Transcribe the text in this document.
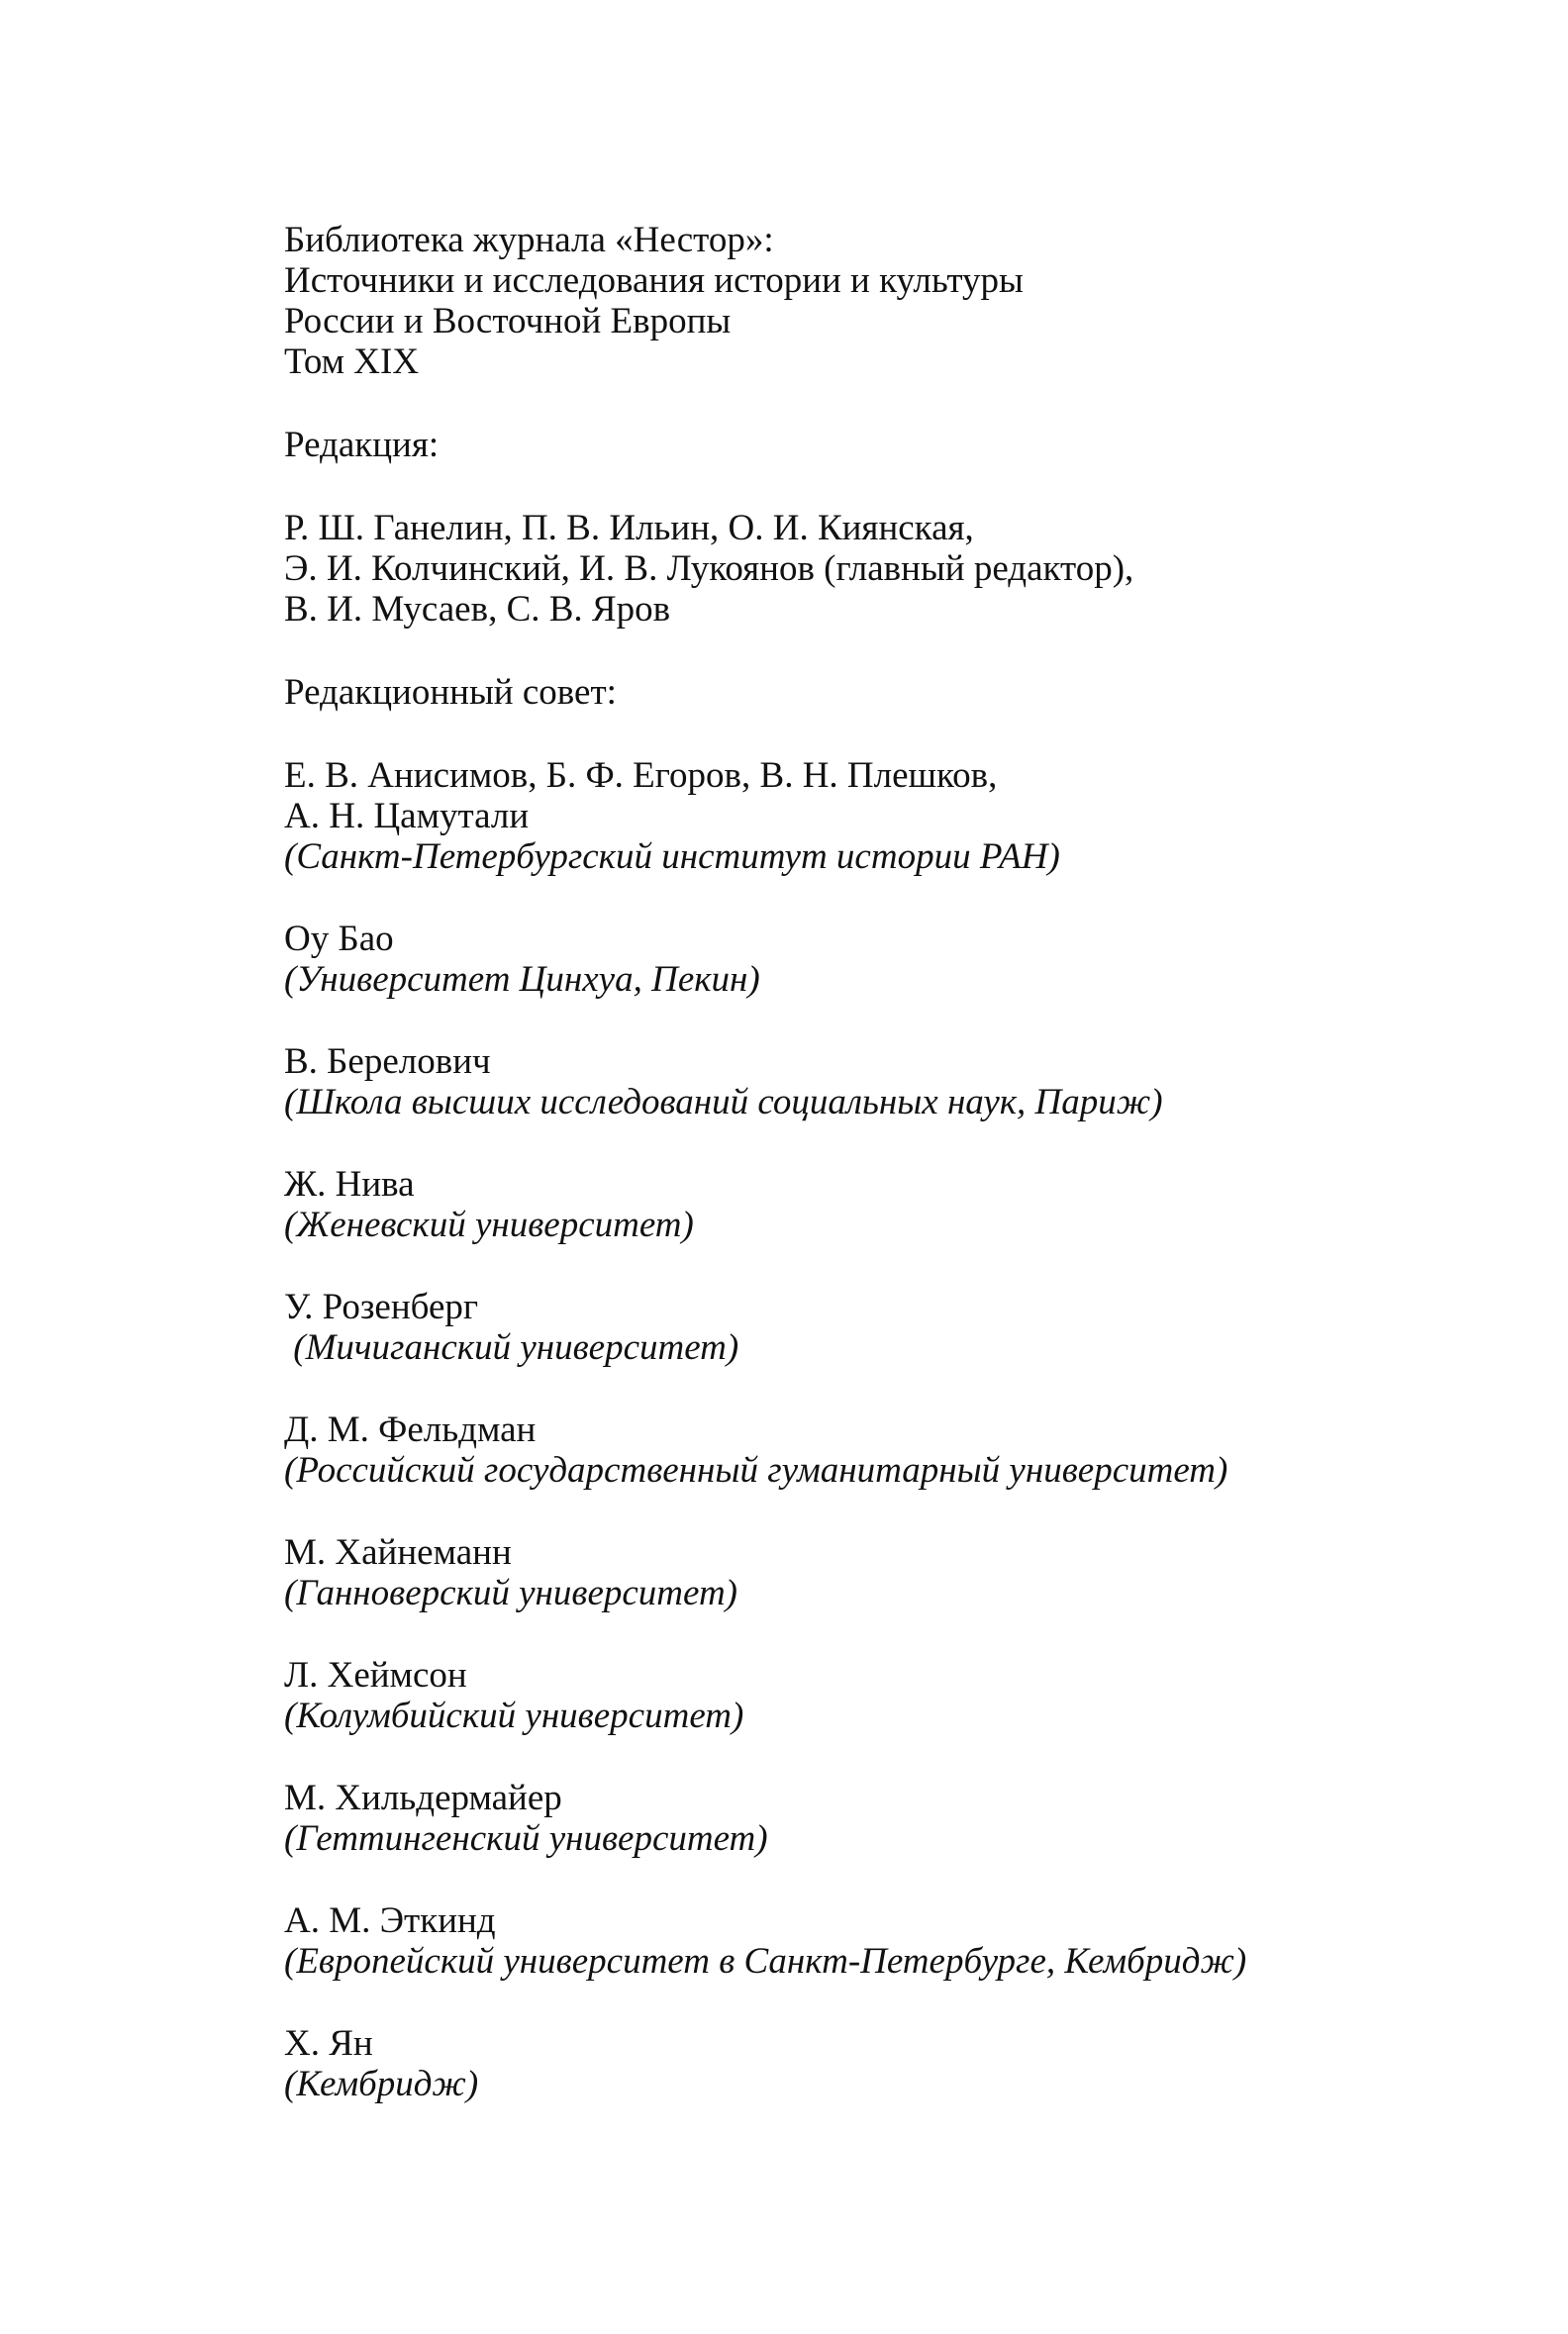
Библиотека журнала «Нестор»:
Источники и исследования истории и культуры
России и Восточной Европы
Том XIX
Редакция:
Р. Ш. Ганелин, П. В. Ильин, О. И. Киянская,
Э. И. Колчинский, И. В. Лукоянов (главный редактор),
В. И. Мусаев, С. В. Яров
Редакционный совет:
Е. В. Анисимов, Б. Ф. Егоров, В. Н. Плешков,
А. Н. Цамутали
(Санкт-Петербургский институт истории РАН)
Оу Бао
(Университет Цинхуа, Пекин)
В. Берелович
(Школа высших исследований социальных наук, Париж)
Ж. Нива
(Женевский университет)
У. Розенберг
(Мичиганский университет)
Д. М. Фельдман
(Российский государственный гуманитарный университет)
М. Хайнеманн
(Ганноверский университет)
Л. Хеймсон
(Колумбийский университет)
М. Хильдермайер
(Геттингенский университет)
А. М. Эткинд
(Европейский университет в Санкт-Петербурге, Кембридж)
Х. Ян
(Кембридж)
